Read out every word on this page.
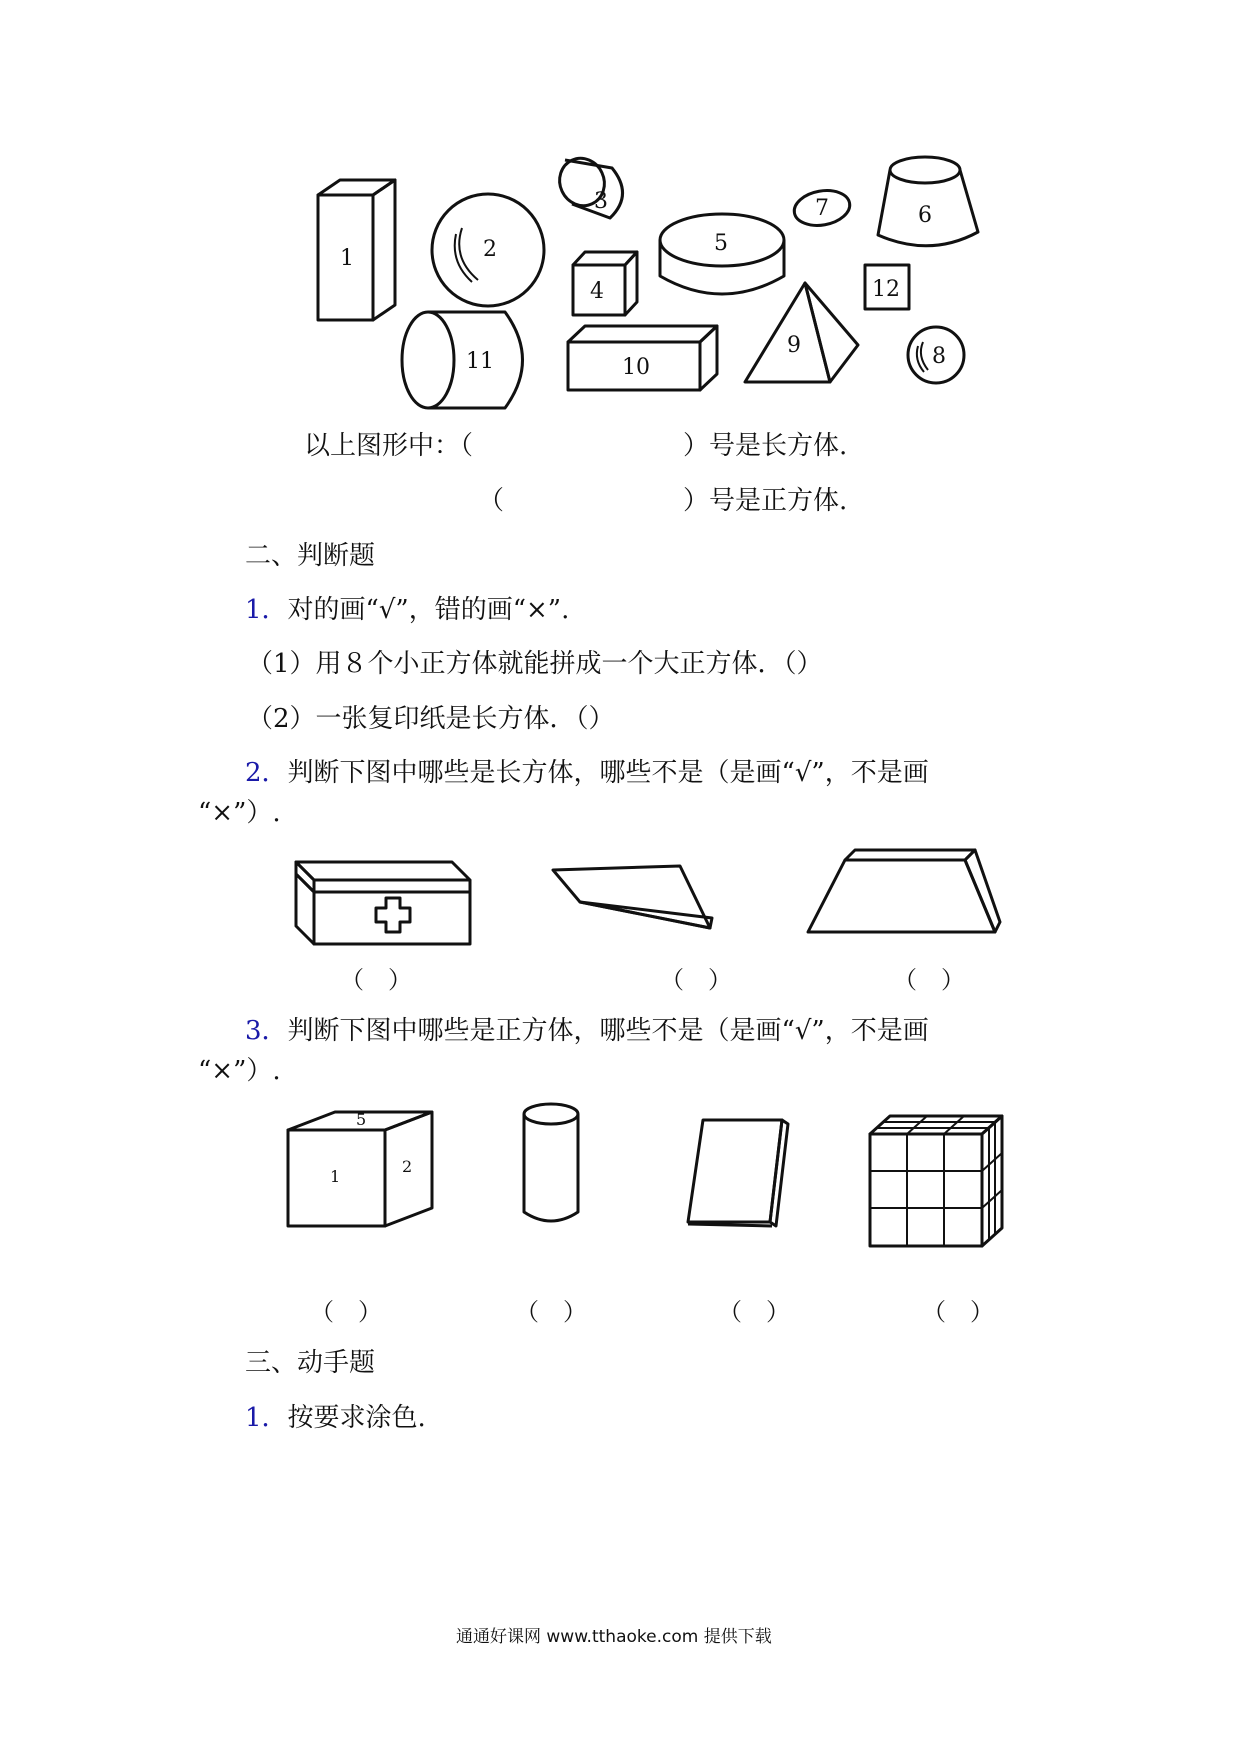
1	2
3
4
5
7	6
12
11	10
9	8
以上图形中：（	）号是长方体.
（	）号是正方体.
二、判断题
1．对的画“√”，错的画“×”.
（1）用８个小正方体就能拼成一个大正方体．（）
（2）一张复印纸是长方体．（）
2．判断下图中哪些是长方体，哪些不是（是画“√”，不是画
“×”）.
（　）	（　）	（　）
3．判断下图中哪些是正方体，哪些不是（是画“√”，不是画
“×”）.
5
1
2
（　）	（　）	（　）	（　）
三、动手题
1．按要求涂色.
通通好课网 www.tthaoke.com 提供下载
